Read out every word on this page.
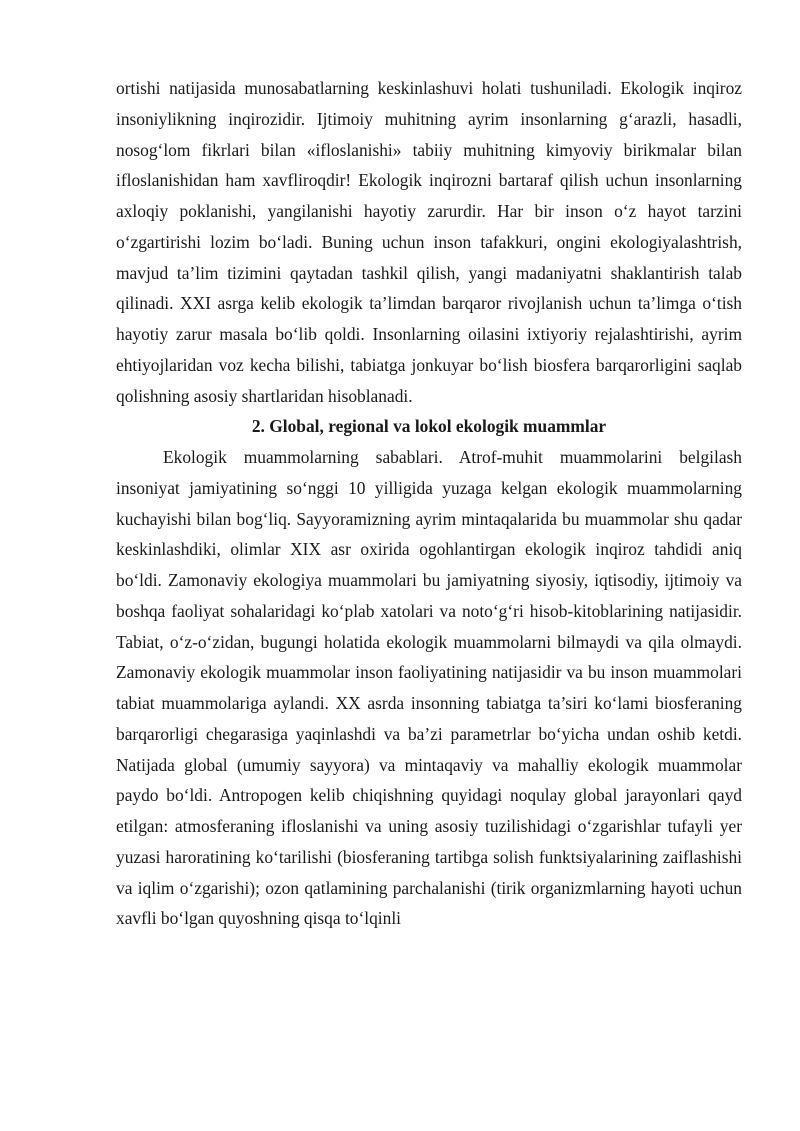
ortishi natijasida munosabatlarning keskinlashuvi holati tushuniladi. Ekologik inqiroz insoniylikning inqirozidir. Ijtimoiy muhitning ayrim insonlarning g‘arazli, hasadli, nosog‘lom fikrlari bilan «ifloslanishi» tabiiy muhitning kimyoviy birikmalar bilan ifloslanishidan ham xavfliroqdir! Ekologik inqirozni bartaraf qilish uchun insonlarning axloqiy poklanishi, yangilanishi hayotiy zarurdir. Har bir inson o‘z hayot tarzini o‘zgartirishi lozim bo‘ladi. Buning uchun inson tafakkuri, ongini ekologiyalashtrish, mavjud ta’lim tizimini qaytadan tashkil qilish, yangi madaniyatni shaklantirish talab qilinadi. XXI asrga kelib ekologik ta’limdan barqaror rivojlanish uchun ta’limga o‘tish hayotiy zarur masala bo‘lib qoldi. Insonlarning oilasini ixtiyoriy rejalashtirishi, ayrim ehtiyojlaridan voz kecha bilishi, tabiatga jonkuyar bo‘lish biosfera barqarorligini saqlab qolishning asosiy shartlaridan hisoblanadi.

2. Global, regional va lokol ekologik muammlar

Ekologik muammolarning sabablari. Atrof-muhit muammolarini belgilash insoniyat jamiyatining so‘nggi 10 yilligida yuzaga kelgan ekologik muammolarning kuchayishi bilan bog‘liq. Sayyoramizning ayrim mintaqalarida bu muammolar shu qadar keskinlashdiki, olimlar XIX asr oxirida ogohlantirgan ekologik inqiroz tahdidi aniq bo‘ldi. Zamonaviy ekologiya muammolari bu jamiyatning siyosiy, iqtisodiy, ijtimoiy va boshqa faoliyat sohalaridagi ko‘plab xatolari va noto‘g‘ri hisob-kitoblarining natijasidir. Tabiat, o‘z-o‘zidan, bugungi holatida ekologik muammolarni bilmaydi va qila olmaydi. Zamonaviy ekologik muammolar inson faoliyatining natijasidir va bu inson muammolari tabiat muammolariga aylandi. XX asrda insonning tabiatga ta’siri ko‘lami biosferaning barqarorligi chegarasiga yaqinlashdi va ba’zi parametrlar bo‘yicha undan oshib ketdi. Natijada global (umumiy sayyora) va mintaqaviy va mahalliy ekologik muammolar paydo bo‘ldi. Antropogen kelib chiqishning quyidagi noqulay global jarayonlari qayd etilgan: atmosferaning ifloslanishi va uning asosiy tuzilishidagi o‘zgarishlar tufayli yer yuzasi haroratining ko‘tarilishi (biosferaning tartibga solish funktsiyalarining zaiflashishi va iqlim o‘zgarishi); ozon qatlamining parchalanishi (tirik organizmlarning hayoti uchun xavfli bo‘lgan quyoshning qisqa to‘lqinli
